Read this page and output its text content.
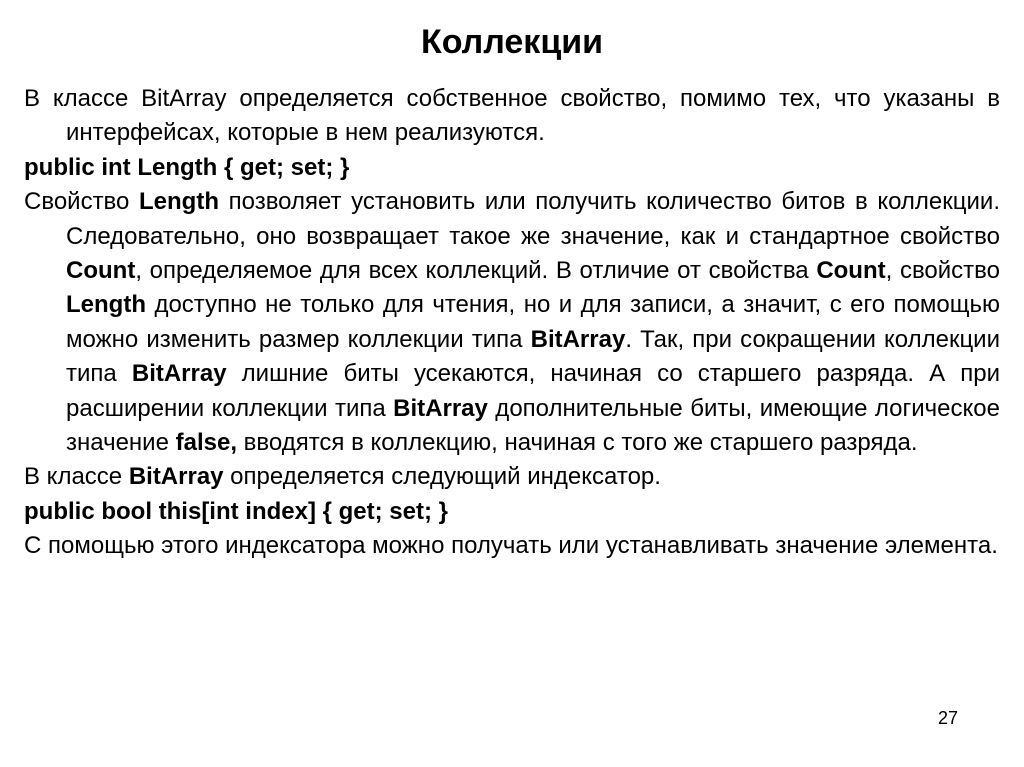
Коллекции

В классе BitArray определяется собственное свойство, помимо тех, что указаны в интерфейсах, которые в нем реализуются.

public int Length { get; set; }

Свойство Length позволяет установить или получить количество битов в коллекции. Следовательно, оно возвращает такое же значение, как и стандартное свойство Count, определяемое для всех коллекций. В отличие от свойства Count, свойство Length доступно не только для чтения, но и для записи, а значит, с его помощью можно изменить размер коллекции типа BitArray. Так, при сокращении коллекции типа BitArray лишние биты усекаются, начиная со старшего разряда. А при расширении коллекции типа BitArray дополнительные биты, имеющие логическое значение false, вводятся в коллекцию, начиная с того же старшего разряда.

В классе BitArray определяется следующий индексатор.

public bool this[int index] { get; set; }

С помощью этого индексатора можно получать или устанавливать значение элемента.

27
